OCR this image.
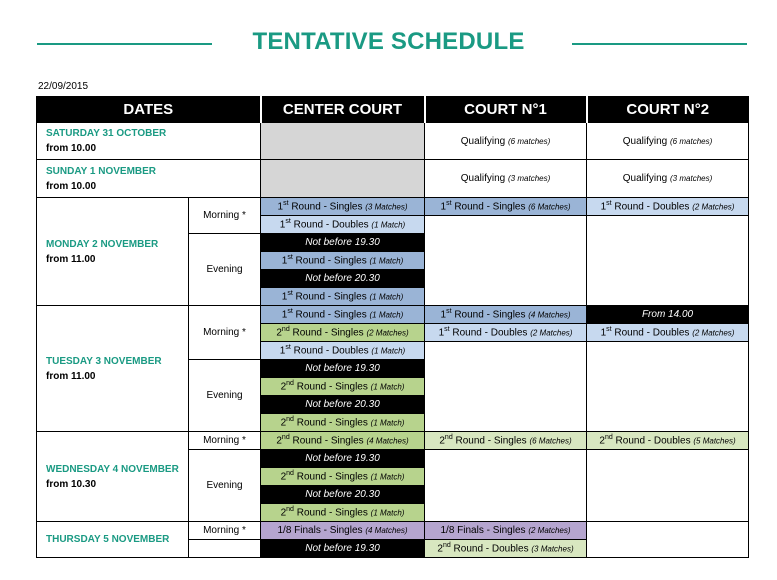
TENTATIVE SCHEDULE
22/09/2015
DATES		CENTER COURT	COURT N°1	COURT N°2

SATURDAY 31 OCTOBER
from 10.00			Qualifying (6 matches)	Qualifying (6 matches)

SUNDAY 1 NOVEMBER
from 10.00			Qualifying (3 matches)	Qualifying (3 matches)

MONDAY 2 NOVEMBER
from 11.00	Morning *	1st Round - Singles (3 Matches)	1st Round - Singles (6 Matches)	1st Round - Doubles (2 Matches)
		1st Round - Doubles (1 Match)		
	Evening	Not before 19.30		
		1st Round - Singles (1 Match)		
		Not before 20.30		
		1st Round - Singles (1 Match)		

TUESDAY 3 NOVEMBER
from 11.00	Morning *	1st Round - Singles (1 Match)	1st Round - Singles (4 Matches)	From 14.00
		2nd Round - Singles (2 Matches)	1st Round - Doubles (2 Matches)	1st Round - Doubles (2 Matches)
		1st Round - Doubles (1 Match)		
	Evening	Not before 19.30		
		2nd Round - Singles (1 Match)		
		Not before 20.30		
		2nd Round - Singles (1 Match)		

WEDNESDAY 4 NOVEMBER
from 10.30	Morning *	2nd Round - Singles (4 Matches)	2nd Round - Singles (6 Matches)	2nd Round - Doubles (5 Matches)
	Evening	Not before 19.30		
		2nd Round - Singles (1 Match)		
		Not before 20.30		
		2nd Round - Singles (1 Match)		

THURSDAY 5 NOVEMBER	Morning *	1/8 Finals - Singles (4 Matches)	1/8 Finals - Singles (2 Matches)	
		Not before 19.30	2nd Round - Doubles (3 Matches)	
